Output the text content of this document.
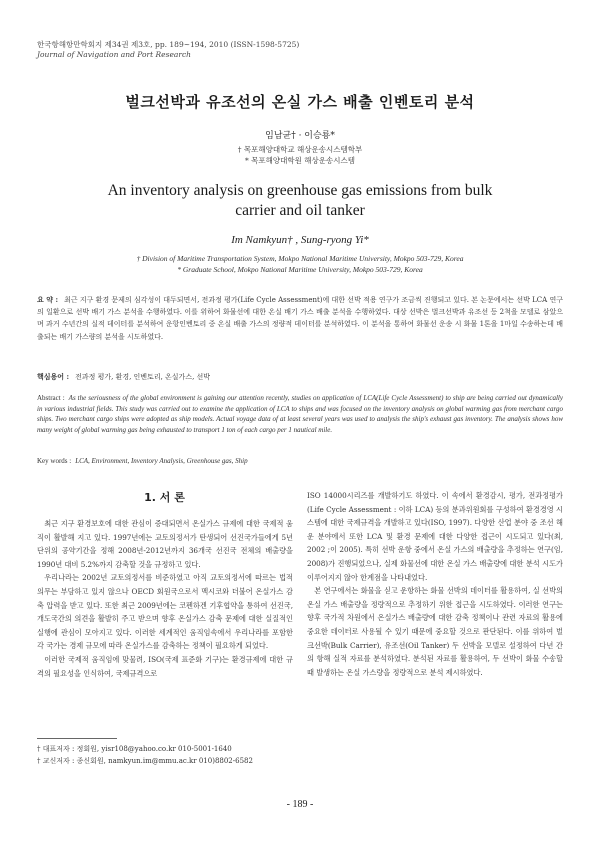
한국항해항만학회지 제34권 제3호, pp. 189~194, 2010 (ISSN-1598-5725)
Journal of Navigation and Port Research
벌크선박과 유조선의 온실 가스 배출 인벤토리 분석
임남균† · 이승룡*
† 목포해양대학교 해상운송시스템학부
* 목포해양대학원 해상운송시스템
An inventory analysis on greenhouse gas emissions from bulk
carrier and oil tanker
Im Namkyun† , Sung-ryong Yi*
† Division of Maritime Transportation System, Mokpo National Maritime University, Mokpo 503-729, Korea
* Graduate School, Mokpo National Maritime University, Mokpo 503-729, Korea
요 약 : 최근 지구 환경 문제의 심각성이 대두되면서, 전과정 평가(Life Cycle Assessment)에 대한 선박 적용 연구가 조금씩 진행되고 있다. 본 논문에서는 선박 LCA 연구의 일환으로 선박 배기 가스 분석을 수행하였다. 이를 위하여 화물선에 대한 온실 배기 가스 배출 분석을 수행하였다. 대상 선박은 벌크선박과 유조선 등 2척을 모델로 삼았으며 과거 수년간의 실적 데이터를 분석하여 운항인벤토리 중 온실 배출 가스의 정량적 데이터를 분석하였다. 이 분석을 통하여 화물선 운송 시 화물 1톤을 1마일 수송하는데 배출되는 배기 가스량의 분석을 시도하였다.
핵심용어 : 전과정 평가, 환경, 인벤토리, 온실가스, 선박
Abstract : As the seriousness of the global environment is gaining our attention recently, studies on application of LCA(Life Cycle Assessment) to ship are being carried out dynamically in various industrial fields. This study was carried out to examine the application of LCA to ships and was focused on the inventory analysis on global warming gas from merchant cargo ships. Two merchant cargo ships were adopted as ship models. Actual voyage data of at least several years was used to analysis the ship's exhaust gas inventory. The analysis shows how many weight of global warming gas being exhausted to transport 1 ton of each cargo per 1 nautical mile.
Key words : LCA, Environment, Inventory Analysis, Greenhouse gas, Ship
1. 서 론

최근 지구 환경보호에 대한 관심이 증대되면서 온실가스 규제에 대한 국제적 움직이 활발해 지고 있다. 1997년에는 교토의정서가 탄생되어 선진국가들에게 5년 단위의 공약기간을 정해 2008년-2012년까지 36개국 선진국 전체의 배출량을 1990년 대비 5.2%까지 감축할 것을 규정하고 있다.

우리나라는 2002년 교토의정서를 비준하였고 아직 교토의정서에 따르는 법적 의무는 부담하고 있지 않으나 OECD 회원국으로서 멕시코와 더불어 온실가스 감축 압력을 받고 있다. 또한 최근 2009년에는 코펜하겐 기후협약을 통하여 선진국, 개도국간의 의견을 활발히 주고 받으며 향후 온실가스 감축 문제에 대한 실질적인 실행에 관심이 모아지고 있다. 이러한 세계적인 움직임속에서 우리나라를 포함한 각 국가는 경제 규모에 따라 온실가스를 감축하는 정책이 필요하게 되었다.

이러한 국제적 움직임에 맞물려, ISO(국제 표준화 기구)는 환경규제에 대한 규격의 필요성을 인식하여, 국제규격으로

ISO 14000시리즈를 개발하기도 하였다. 이 속에서 환경감시, 평가, 전과정평가(Life Cycle Assessment : 이하 LCA) 등의 분과위원회를 구성하여 환경경영 시스템에 대한 국제규격을 개발하고 있다(ISO, 1997). 다양한 산업 분야 중 조선 해운 분야에서 또한 LCA 및 환경 문제에 대한 다양한 접근이 시도되고 있다(최, 2002 ;이 2005). 특히 선박 운항 중에서 온실 가스의 배출량을 추정하는 연구(임, 2008)가 진행되었으나, 실제 화물선에 대한 온실 가스 배출량에 대한 분석 시도가 이루어지지 않아 한계점을 나타내었다.

본 연구에서는 화물을 싣고 운항하는 화물 선박의 데이터를 활용하여, 실 선박의 온실 가스 배출량을 정량적으로 추정하기 위한 접근을 시도하였다. 이러한 연구는 향후 국가적 차원에서 온실가스 배출량에 대한 감축 정책이나 관련 자료의 활용에 중요한 데이터로 사용될 수 있기 때문에 중요할 것으로 판단된다. 이를 위하여 벌크선박(Bulk Carrier), 유조선(Oil Tanker) 두 선박을 모델로 설정하여 다년 간의 항해 실적 자료를 분석하였다. 분석된 자료를 활용하여, 두 선박이 화물 수송할 때 발생하는 온실 가스량을 정량적으로 분석 제시하였다.

† 대표저자 : 정회원, yisr108@yahoo.co.kr 010-5001-1640
† 교신저자 : 종신회원, namkyun.im@mmu.ac.kr 010)8802-6582
- 189 -
